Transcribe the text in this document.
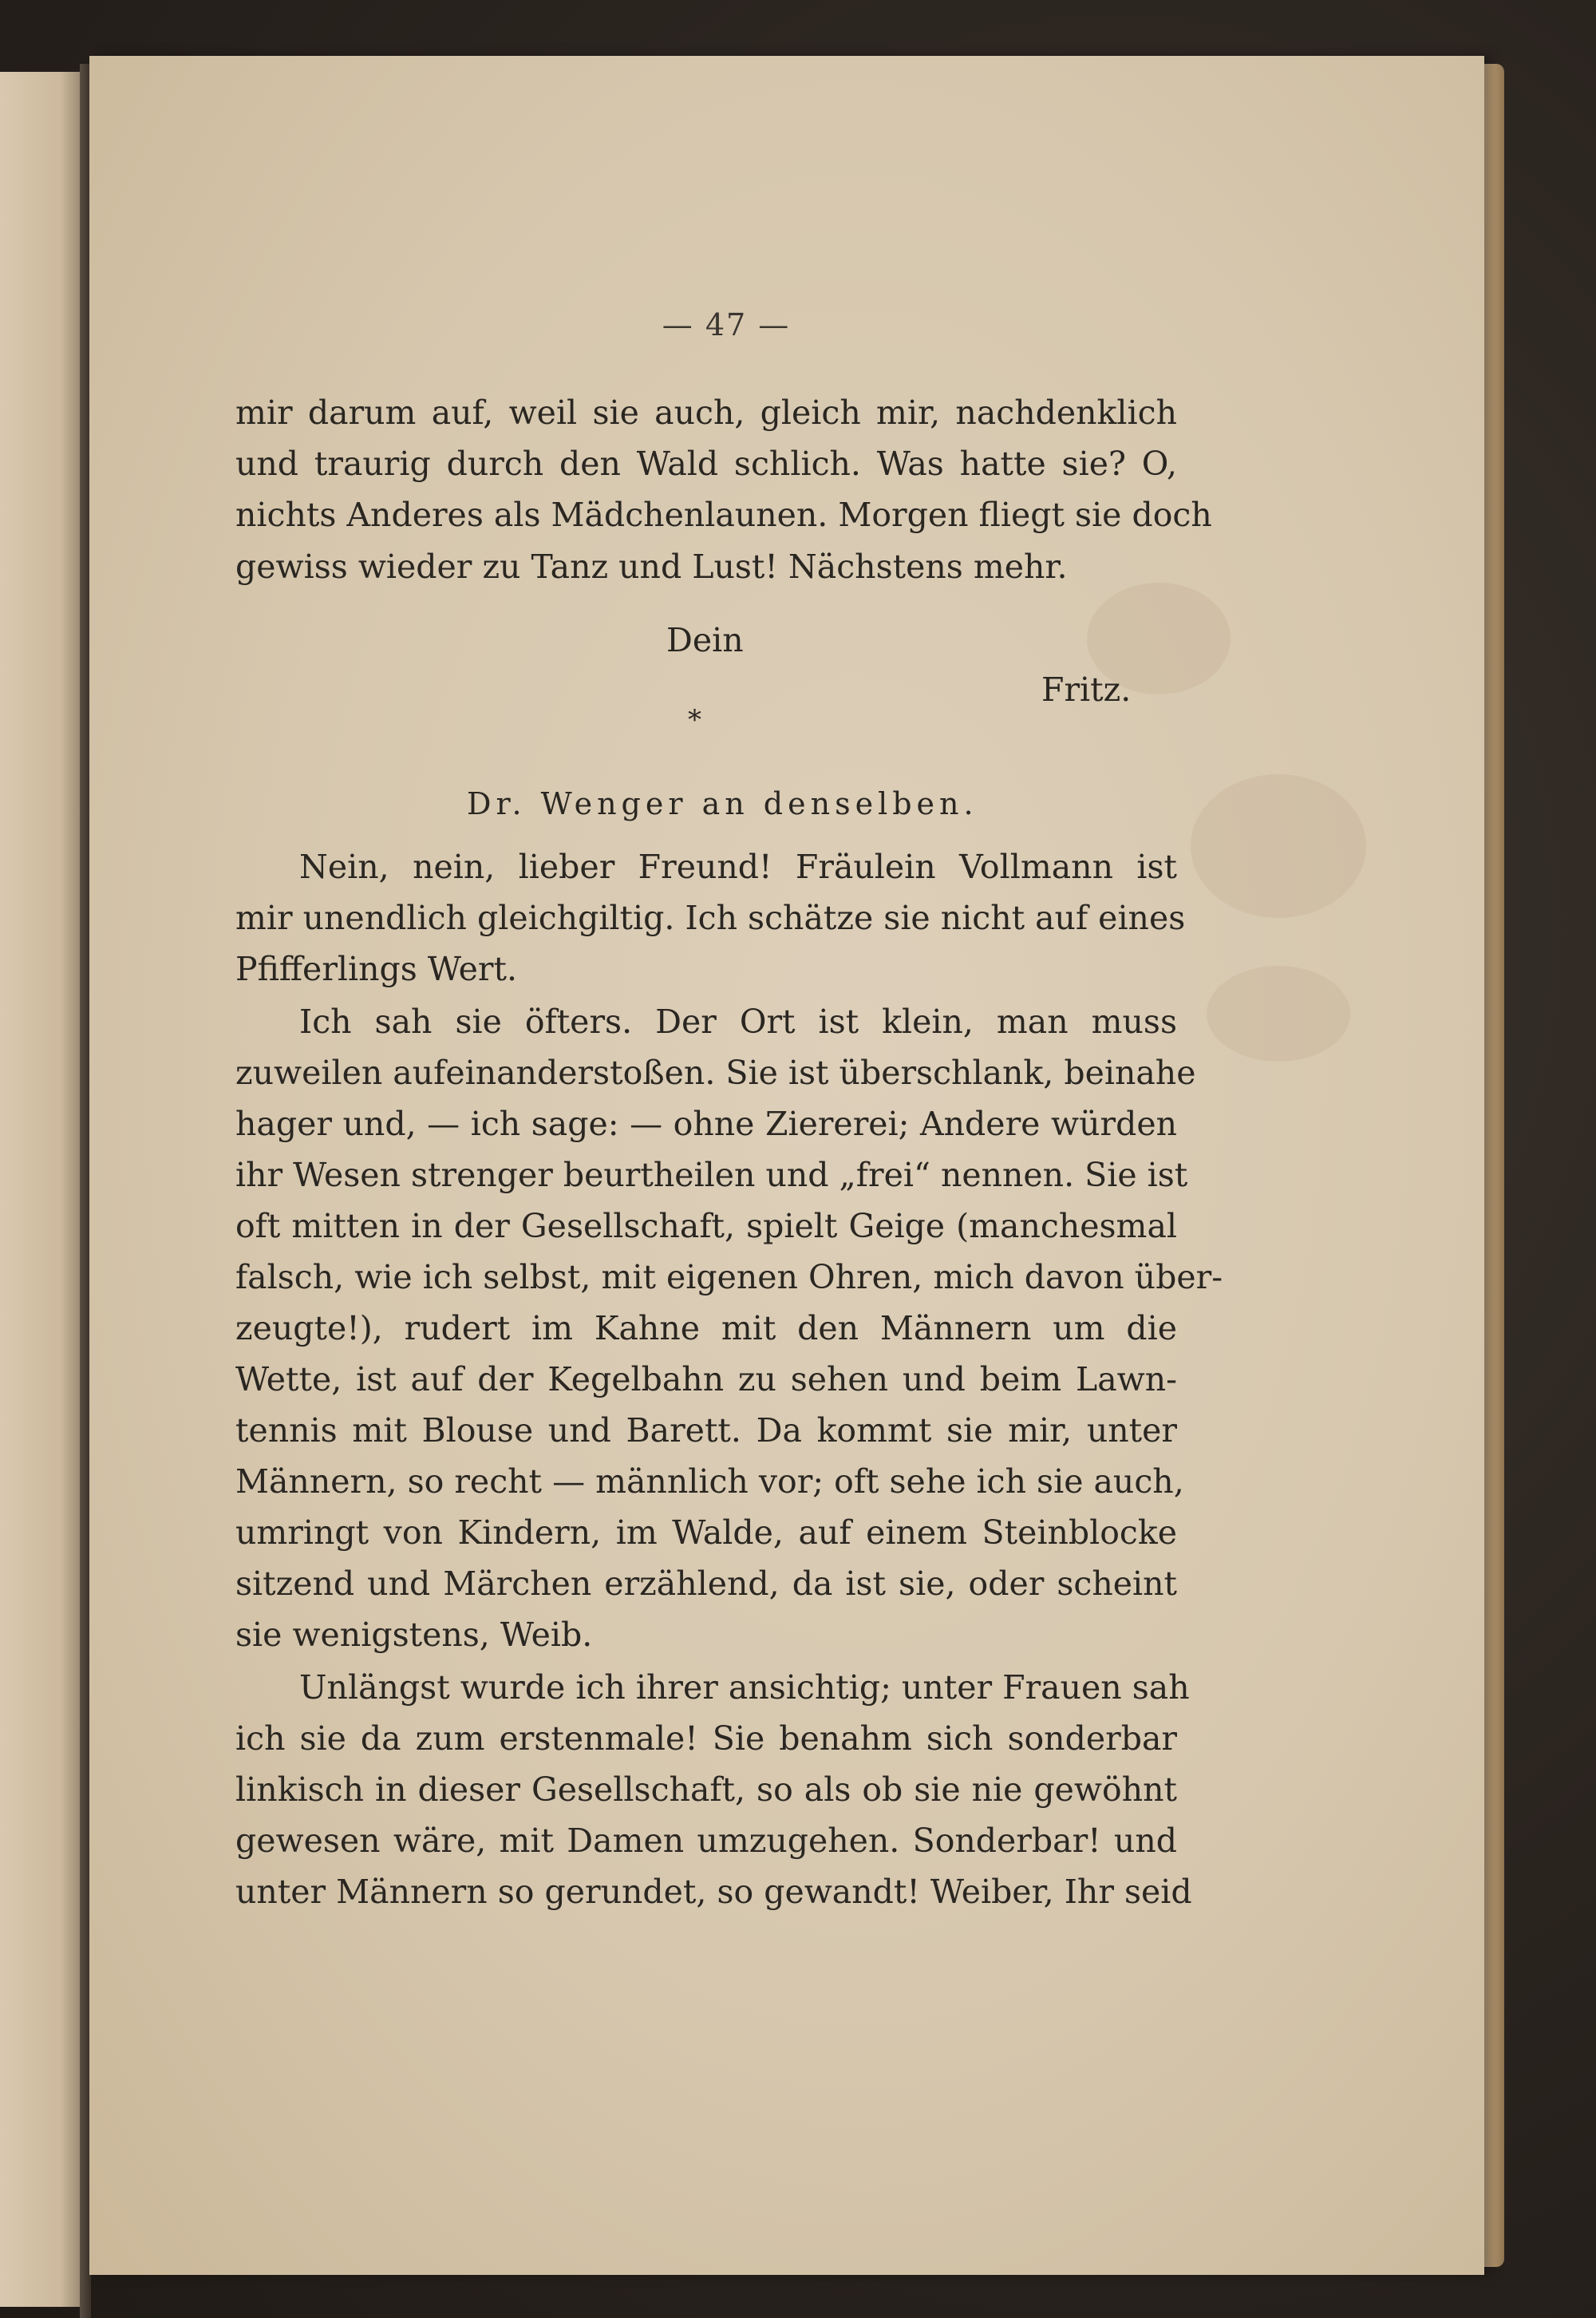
— 47 —
mir darum auf, weil sie auch, gleich mir, nachdenklich
und traurig durch den Wald schlich. Was hatte sie? O,
nichts Anderes als Mädchenlaunen. Morgen fliegt sie doch
gewiss wieder zu Tanz und Lust! Nächstens mehr.
Dein
Fritz.
*
Dr. Wenger an denselben.
Nein, nein, lieber Freund! Fräulein Vollmann ist
mir unendlich gleichgiltig. Ich schätze sie nicht auf eines
Pfifferlings Wert.
Ich sah sie öfters. Der Ort ist klein, man muss
zuweilen aufeinanderstoßen. Sie ist überschlank, beinahe
hager und, — ich sage: — ohne Ziererei; Andere würden
ihr Wesen strenger beurtheilen und „frei“ nennen. Sie ist
oft mitten in der Gesellschaft, spielt Geige (manchesmal
falsch, wie ich selbst, mit eigenen Ohren, mich davon über-
zeugte!), rudert im Kahne mit den Männern um die
Wette, ist auf der Kegelbahn zu sehen und beim Lawn-
tennis mit Blouse und Barett. Da kommt sie mir, unter
Männern, so recht — männlich vor; oft sehe ich sie auch,
umringt von Kindern, im Walde, auf einem Steinblocke
sitzend und Märchen erzählend, da ist sie, oder scheint
sie wenigstens, Weib.
Unlängst wurde ich ihrer ansichtig; unter Frauen sah
ich sie da zum erstenmale! Sie benahm sich sonderbar
linkisch in dieser Gesellschaft, so als ob sie nie gewöhnt
gewesen wäre, mit Damen umzugehen. Sonderbar! und
unter Männern so gerundet, so gewandt! Weiber, Ihr seid
